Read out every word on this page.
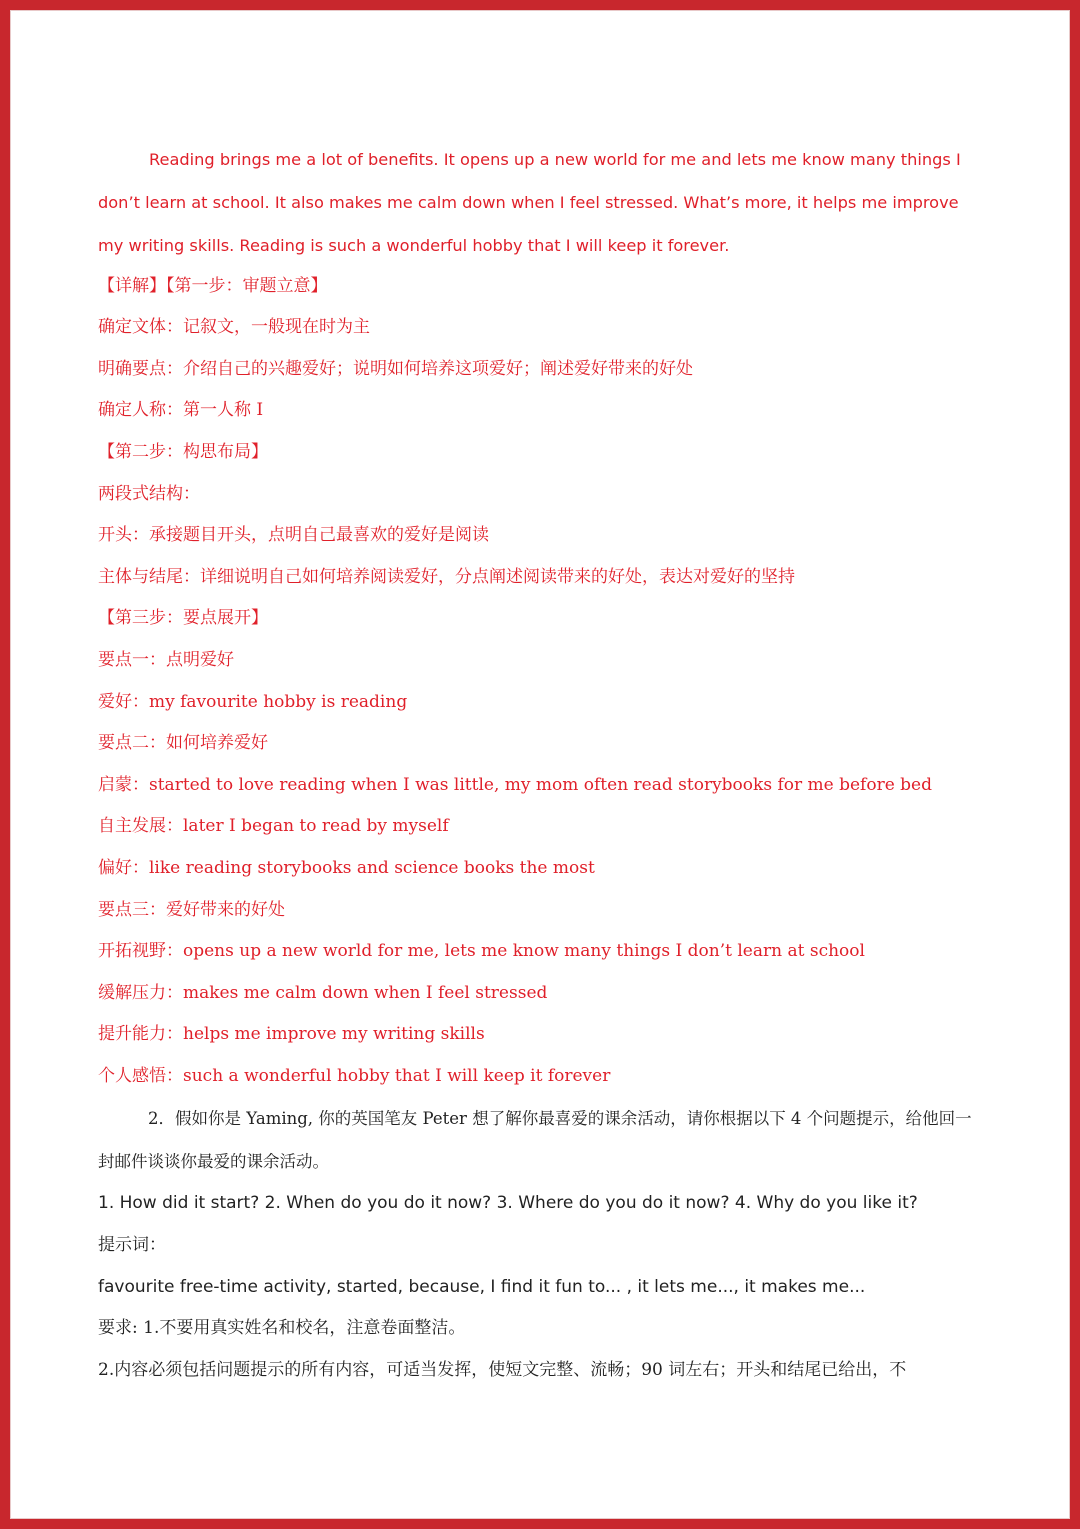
Reading brings me a lot of benefits. It opens up a new world for me and lets me know many things I don’t learn at school. It also makes me calm down when I feel stressed. What’s more, it helps me improve my writing skills. Reading is such a wonderful hobby that I will keep it forever.

【详解】【第一步：审题立意】

确定文体：记叙文，一般现在时为主

明确要点：介绍自己的兴趣爱好；说明如何培养这项爱好；阐述爱好带来的好处

确定人称：第一人称 I

【第二步：构思布局】

两段式结构：

开头：承接题目开头，点明自己最喜欢的爱好是阅读

主体与结尾：详细说明自己如何培养阅读爱好，分点阐述阅读带来的好处，表达对爱好的坚持

【第三步：要点展开】

要点一：点明爱好

爱好：my favourite hobby is reading

要点二：如何培养爱好

启蒙：started to love reading when I was little, my mom often read storybooks for me before bed

自主发展：later I began to read by myself

偏好：like reading storybooks and science books the most

要点三：爱好带来的好处

开拓视野：opens up a new world for me, lets me know many things I don’t learn at school

缓解压力：makes me calm down when I feel stressed

提升能力：helps me improve my writing skills

个人感悟：such a wonderful hobby that I will keep it forever

2．假如你是 Yaming, 你的英国笔友 Peter 想了解你最喜爱的课余活动，请你根据以下 4 个问题提示，给他回一封邮件谈谈你最爱的课余活动。

1. How did it start? 2. When do you do it now? 3. Where do you do it now? 4. Why do you like it?

提示词：

favourite free-time activity, started, because, I find it fun to... , it lets me..., it makes me...

要求: 1.不要用真实姓名和校名，注意卷面整洁。

2.内容必须包括问题提示的所有内容，可适当发挥，使短文完整、流畅；90 词左右；开头和结尾已给出，不
